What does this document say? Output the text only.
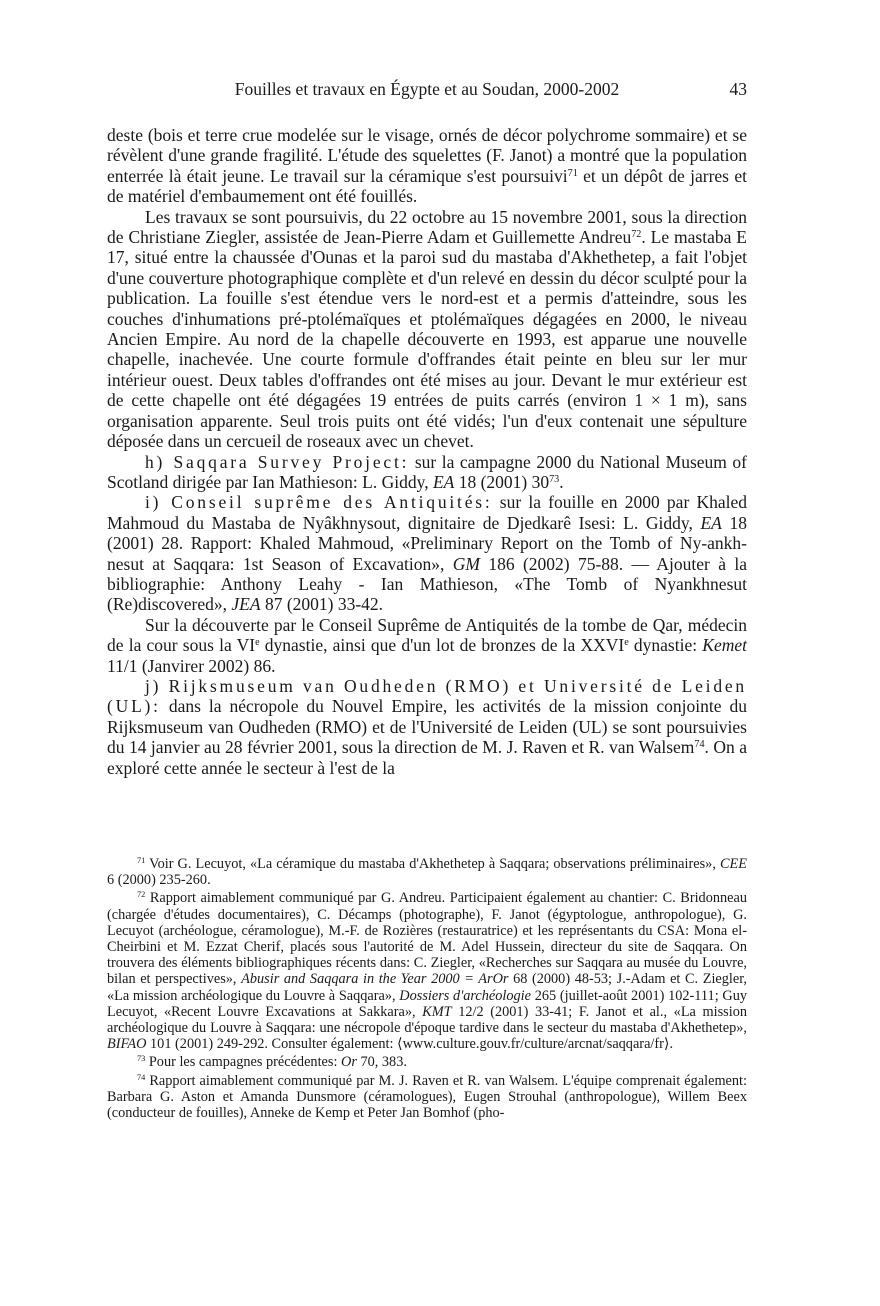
Fouilles et travaux en Égypte et au Soudan, 2000-2002	43

deste (bois et terre crue modelée sur le visage, ornés de décor polychrome sommaire) et se révèlent d'une grande fragilité. L'étude des squelettes (F. Janot) a montré que la population enterrée là était jeune. Le travail sur la céramique s'est poursuivi$^{71}$ et un dépôt de jarres et de matériel d'embaumement ont été fouillés.

Les travaux se sont poursuivis, du 22 octobre au 15 novembre 2001, sous la direction de Christiane Ziegler, assistée de Jean-Pierre Adam et Guillemette Andreu$^{72}$. Le mastaba E 17, situé entre la chaussée d'Ounas et la paroi sud du mastaba d'Akhethetep, a fait l'objet d'une couverture photographique complète et d'un relevé en dessin du décor sculpté pour la publication. La fouille s'est étendue vers le nord-est et a permis d'atteindre, sous les couches d'inhumations pré-ptolémaïques et ptolémaïques dégagées en 2000, le niveau Ancien Empire. Au nord de la chapelle découverte en 1993, est apparue une nouvelle chapelle, inachevée. Une courte formule d'offrandes était peinte en bleu sur ler mur intérieur ouest. Deux tables d'offrandes ont été mises au jour. Devant le mur extérieur est de cette chapelle ont été dégagées 19 entrées de puits carrés (environ 1 × 1 m), sans organisation apparente. Seul trois puits ont été vidés; l'un d'eux contenait une sépulture déposée dans un cercueil de roseaux avec un chevet.

h) Saqqara Survey Project: sur la campagne 2000 du National Museum of Scotland dirigée par Ian Mathieson: L. Giddy, EA 18 (2001) $30^{73}$.

i) Conseil suprême des Antiquités: sur la fouille en 2000 par Khaled Mahmoud du Mastaba de Nyâkhnysout, dignitaire de Djedkarê Isesi: L. Giddy, EA 18 (2001) 28. Rapport: Khaled Mahmoud, «Preliminary Report on the Tomb of Ny-ankh-nesut at Saqqara: 1st Season of Excavation», GM 186 (2002) 75-88. — Ajouter à la bibliographie: Anthony Leahy - Ian Mathieson, «The Tomb of Nyankhnesut (Re)discovered», JEA 87 (2001) 33-42.

Sur la découverte par le Conseil Suprême de Antiquités de la tombe de Qar, médecin de la cour sous la VIe dynastie, ainsi que d'un lot de bronzes de la XXVIe dynastie: Kemet 11/1 (Janvirer 2002) 86.

j) Rijksmuseum van Oudheden (RMO) et Université de Leiden (UL): dans la nécropole du Nouvel Empire, les activités de la mission conjointe du Rijksmuseum van Oudheden (RMO) et de l'Université de Leiden (UL) se sont poursuivies du 14 janvier au 28 février 2001, sous la direction de M. J. Raven et R. van Walsem$^{74}$. On a exploré cette année le secteur à l'est de la

$^{71}$ Voir G. Lecuyot, «La céramique du mastaba d'Akhethetep à Saqqara; observations préliminaires», CEE 6 (2000) 235-260.

$^{72}$ Rapport aimablement communiqué par G. Andreu. Participaient également au chantier: C. Bridonneau (chargée d'études documentaires), C. Décamps (photographe), F. Janot (égyptologue, anthropologue), G. Lecuyot (archéologue, céramologue), M.-F. de Rozières (restauratrice) et les représentants du CSA: Mona el-Cheirbini et M. Ezzat Cherif, placés sous l'autorité de M. Adel Hussein, directeur du site de Saqqara. On trouvera des éléments bibliographiques récents dans: C. Ziegler, «Recherches sur Saqqara au musée du Louvre, bilan et perspectives», Abusir and Saqqara in the Year 2000 = ArOr 68 (2000) 48-53; J.-Adam et C. Ziegler, «La mission archéologique du Louvre à Saqqara», Dossiers d'archéologie 265 (juillet-août 2001) 102-111; Guy Lecuyot, «Recent Louvre Excavations at Sakkara», KMT 12/2 (2001) 33-41; F. Janot et al., «La mission archéologique du Louvre à Saqqara: une nécropole d'époque tardive dans le secteur du mastaba d'Akhethetep», BIFAO 101 (2001) 249-292. Consulter également: ⟨www.culture.gouv.fr/culture/arcnat/saqqara/fr⟩.

$^{73}$ Pour les campagnes précédentes: Or 70, 383.

$^{74}$ Rapport aimablement communiqué par M. J. Raven et R. van Walsem. L'équipe comprenait également: Barbara G. Aston et Amanda Dunsmore (céramologues), Eugen Strouhal (anthropologue), Willem Beex (conducteur de fouilles), Anneke de Kemp et Peter Jan Bomhof (pho-
